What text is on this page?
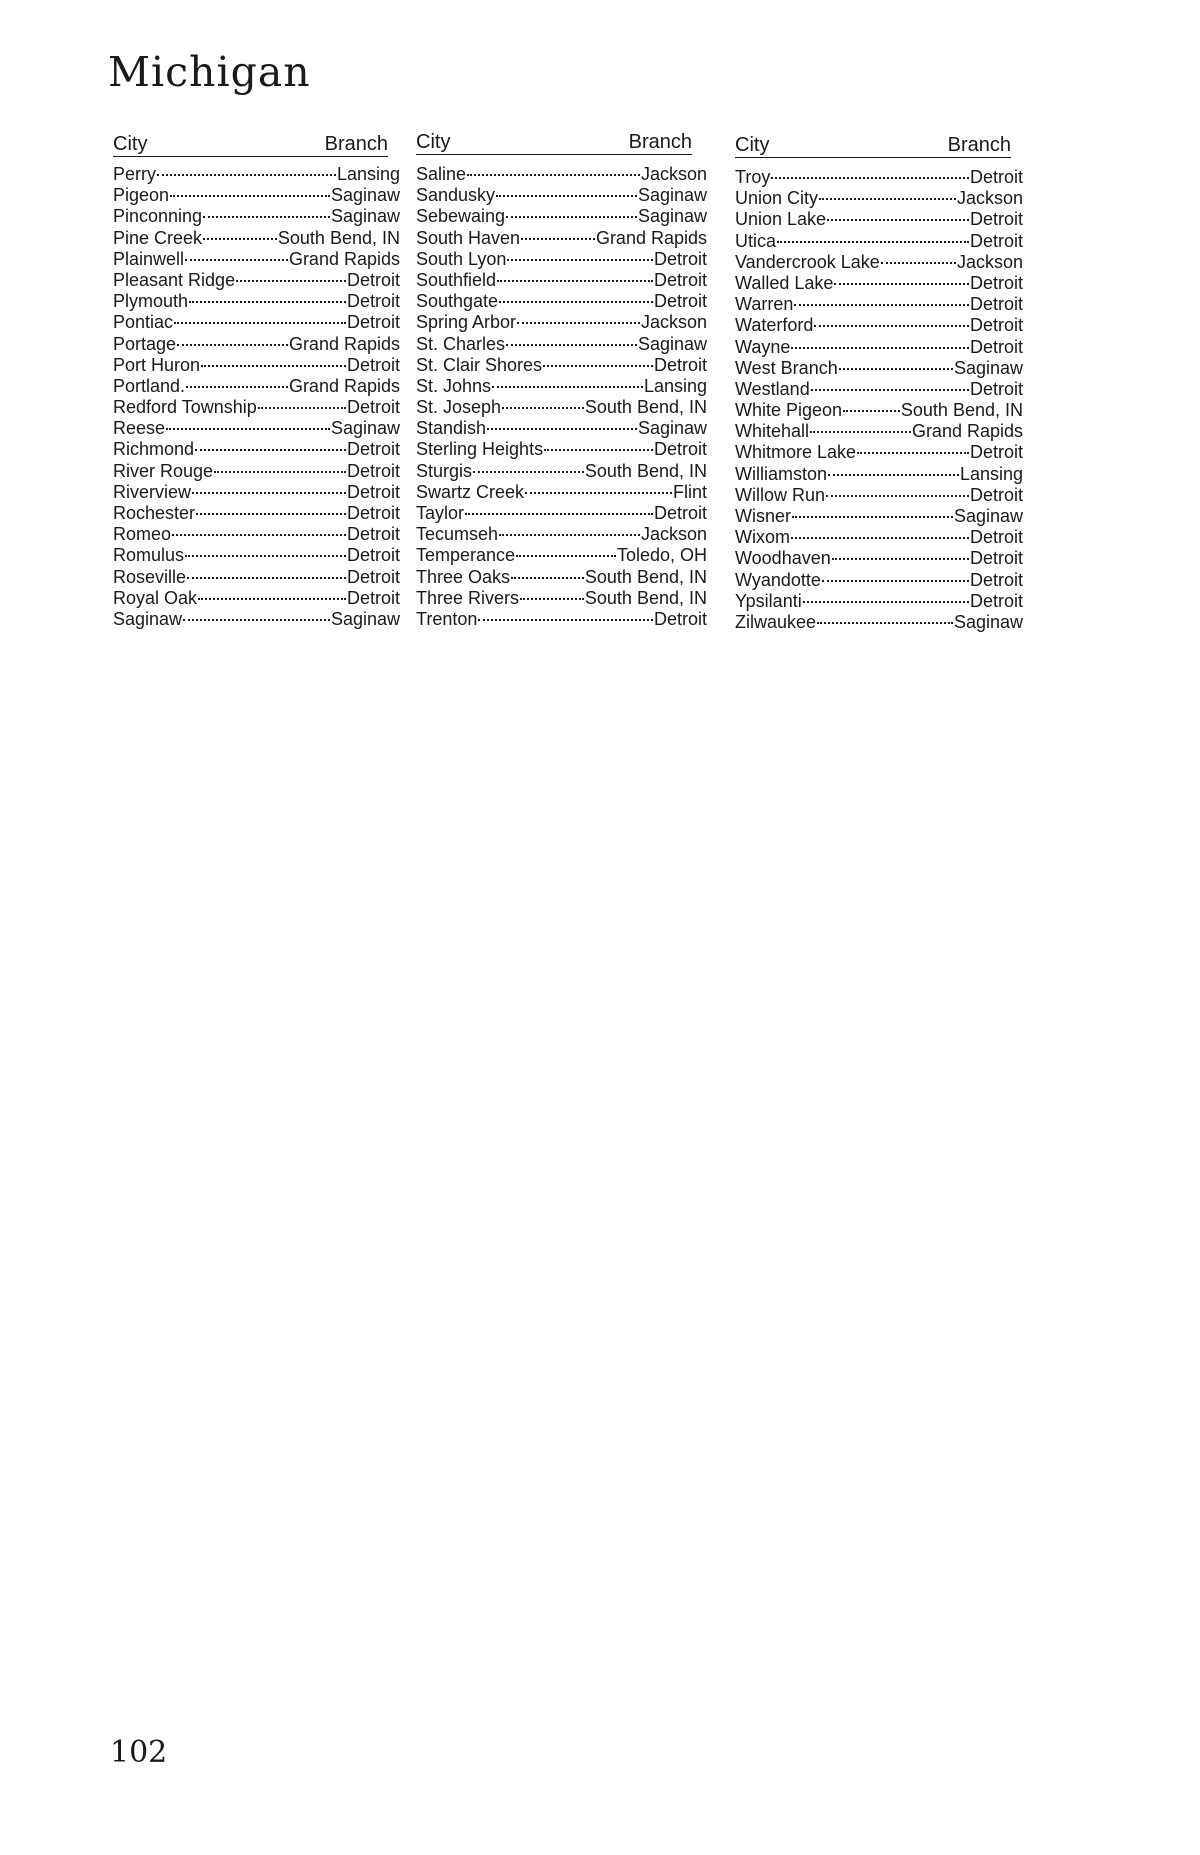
Michigan
City	Branch
Perry	Lansing
Pigeon	Saginaw
Pinconning	Saginaw
Pine Creek	South Bend, IN
Plainwell	Grand Rapids
Pleasant Ridge	Detroit
Plymouth	Detroit
Pontiac	Detroit
Portage	Grand Rapids
Port Huron	Detroit
Portland.	Grand Rapids
Redford Township	Detroit
Reese	Saginaw
Richmond	Detroit
River Rouge	Detroit
Riverview	Detroit
Rochester	Detroit
Romeo	Detroit
Romulus	Detroit
Roseville	Detroit
Royal Oak	Detroit
Saginaw	Saginaw
City	Branch
Saline	Jackson
Sandusky	Saginaw
Sebewaing	Saginaw
South Haven	Grand Rapids
South Lyon	Detroit
Southfield	Detroit
Southgate	Detroit
Spring Arbor	Jackson
St. Charles	Saginaw
St. Clair Shores	Detroit
St. Johns	Lansing
St. Joseph	South Bend, IN
Standish	Saginaw
Sterling Heights	Detroit
Sturgis	South Bend, IN
Swartz Creek	Flint
Taylor	Detroit
Tecumseh	Jackson
Temperance	Toledo, OH
Three Oaks	South Bend, IN
Three Rivers	South Bend, IN
Trenton	Detroit
City	Branch
Troy	Detroit
Union City	Jackson
Union Lake	Detroit
Utica	Detroit
Vandercrook Lake	Jackson
Walled Lake	Detroit
Warren	Detroit
Waterford	Detroit
Wayne	Detroit
West Branch	Saginaw
Westland	Detroit
White Pigeon	South Bend, IN
Whitehall	Grand Rapids
Whitmore Lake	Detroit
Williamston	Lansing
Willow Run	Detroit
Wisner	Saginaw
Wixom	Detroit
Woodhaven	Detroit
Wyandotte	Detroit
Ypsilanti	Detroit
Zilwaukee	Saginaw
102
